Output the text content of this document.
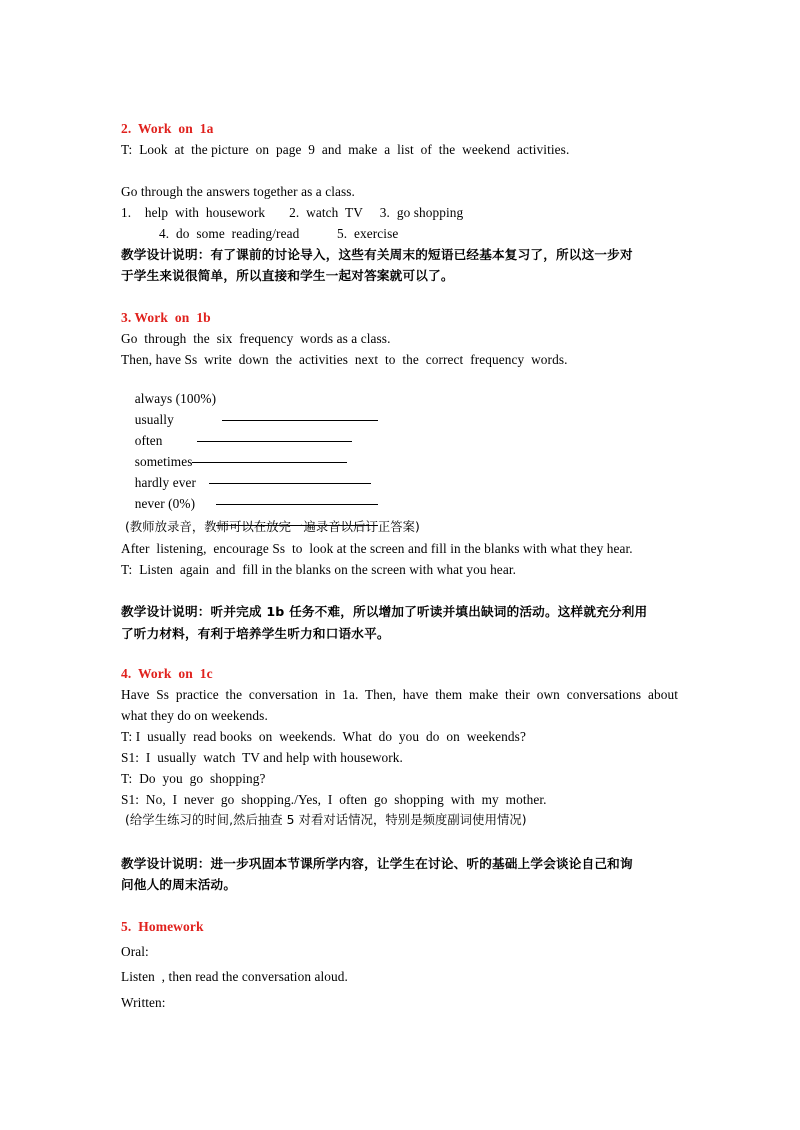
2.  Work  on  1a
T:  Look  at  the picture  on  page  9  and  make  a  list  of  the  weekend  activities.
Go through the answers together as a class.
1.    help  with  housework       2.  watch  TV     3.  go shopping
4.  do  some  reading/read           5.  exercise
教学设计说明：有了课前的讨论导入，这些有关周末的短语已经基本复习了，所以这一步对
于学生来说很简单，所以直接和学生一起对答案就可以了。
3. Work  on  1b
Go  through  the  six  frequency  words as a class.
Then, have Ss  write  down  the  activities  next  to  the  correct  frequency  words.

always (100%)

usually

often

sometimes

hardly ever

never (0%)

(教师放录音，教师可以在放完一遍录音以后订正答案)
After  listening,  encourage Ss  to  look at the screen and fill in the blanks with what they hear.
T:  Listen  again  and  fill in the blanks on the screen with what you hear.
教学设计说明：听并完成 1b 任务不难，所以增加了听读并填出缺词的活动。这样就充分利用
了听力材料，有利于培养学生听力和口语水平。
4.  Work  on  1c
Have Ss practice the conversation in 1a. Then, have them make their own conversations about
what they do on weekends.
T: I  usually  read books  on  weekends.  What  do  you  do  on  weekends?
S1:  I  usually  watch  TV and help with housework.
T:  Do  you  go  shopping?
S1:  No,  I  never  go  shopping./Yes,  I  often  go  shopping  with  my  mother.
(给学生练习的时间,然后抽查 5 对看对话情况，特别是频度副词使用情况)
教学设计说明：进一步巩固本节课所学内容，让学生在讨论、听的基础上学会谈论自己和询
问他人的周末活动。
5.  Homework
Oral:
Listen  , then read the conversation aloud.
Written:
